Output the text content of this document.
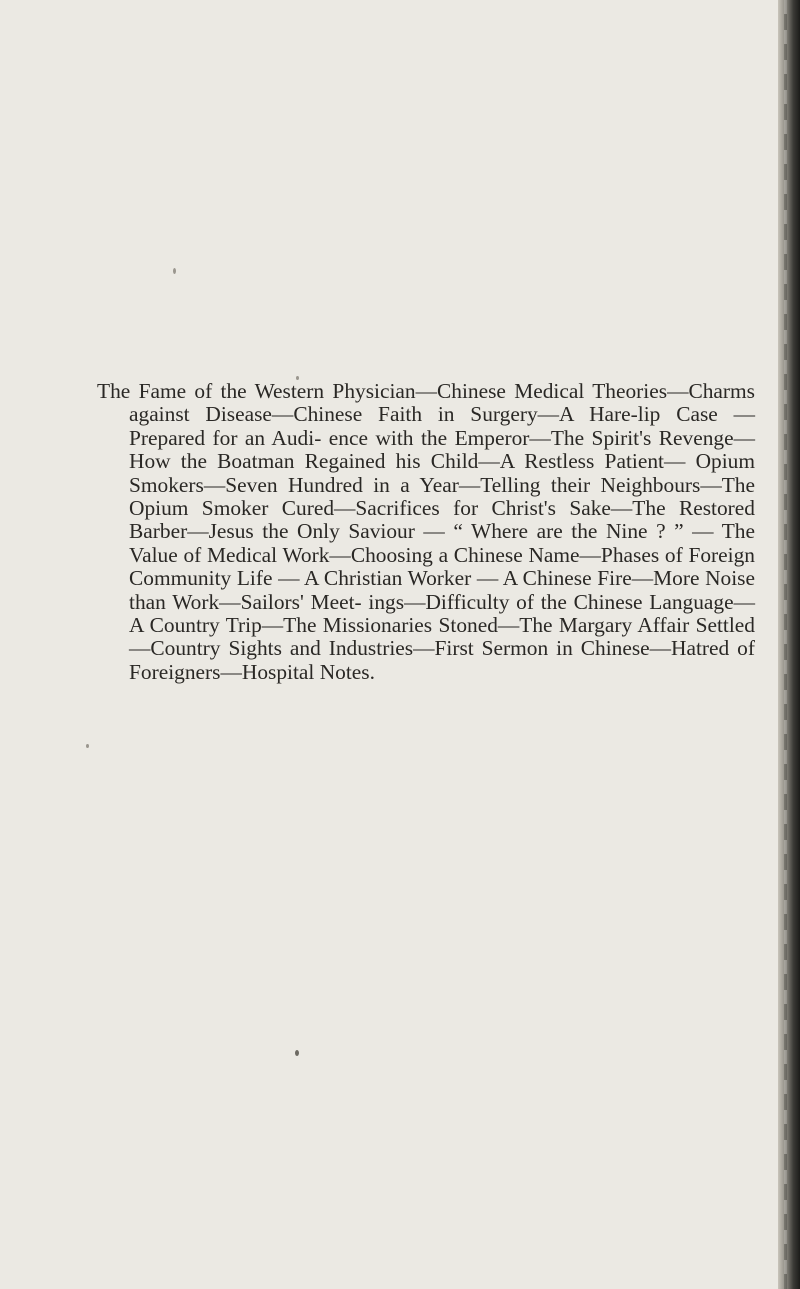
The Fame of the Western Physician—Chinese Medical Theories—Charms against Disease—Chinese Faith in Surgery—A Hare-lip Case — Prepared for an Audi- ence with the Emperor—The Spirit's Revenge—How the Boatman Regained his Child—A Restless Patient— Opium Smokers—Seven Hundred in a Year—Telling their Neighbours—The Opium Smoker Cured—Sacrifices for Christ's Sake—The Restored Barber—Jesus the Only Saviour — “ Where are the Nine ? ” — The Value of Medical Work—Choosing a Chinese Name—Phases of Foreign Community Life — A Christian Worker — A Chinese Fire—More Noise than Work—Sailors' Meet- ings—Difficulty of the Chinese Language—A Country Trip—The Missionaries Stoned—The Margary Affair Settled—Country Sights and Industries—First Sermon in Chinese—Hatred of Foreigners—Hospital Notes.
